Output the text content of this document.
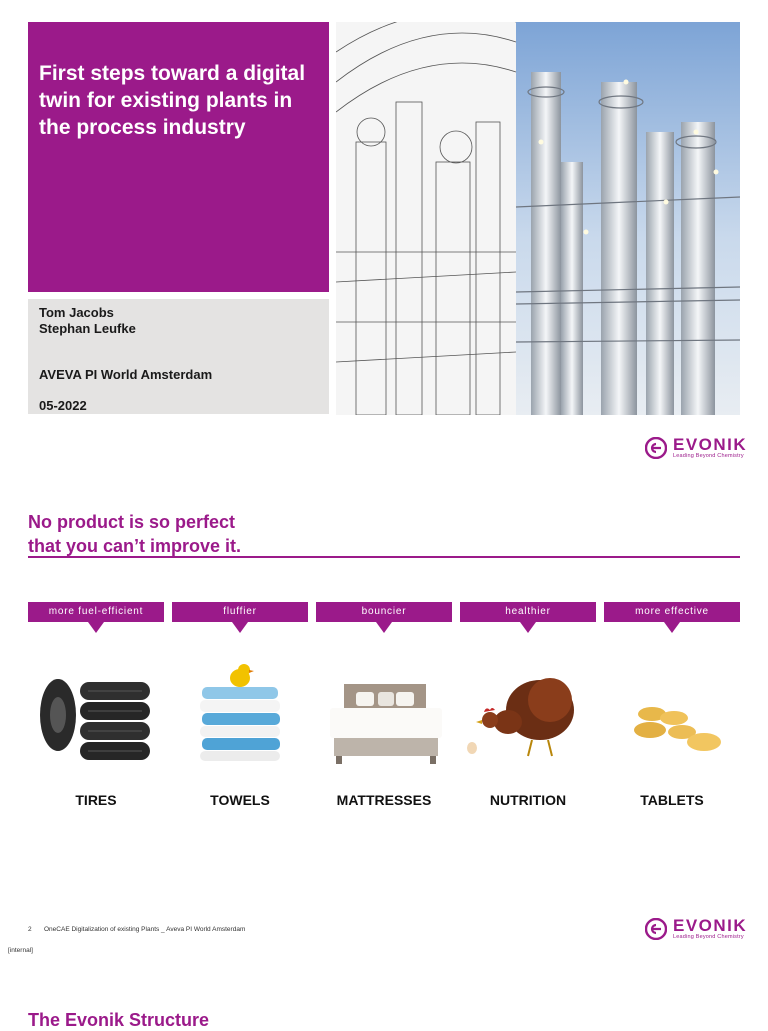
First steps toward a digital twin for existing plants in the process industry
Tom Jacobs
Stephan Leufke
AVEVA PI World Amsterdam
05-2022
EVONIK
Leading Beyond Chemistry
No product is so perfect
that you can’t improve it.
more fuel-efficient	fluffier	bouncier	healthier	more effective
TIRES	TOWELS	MATTRESSES	NUTRITION	TABLETS
2 OneCAE Digitalization of existing Plants _ Aveva PI World Amsterdam
[internal]
EVONIK
Leading Beyond Chemistry
The Evonik Structure
